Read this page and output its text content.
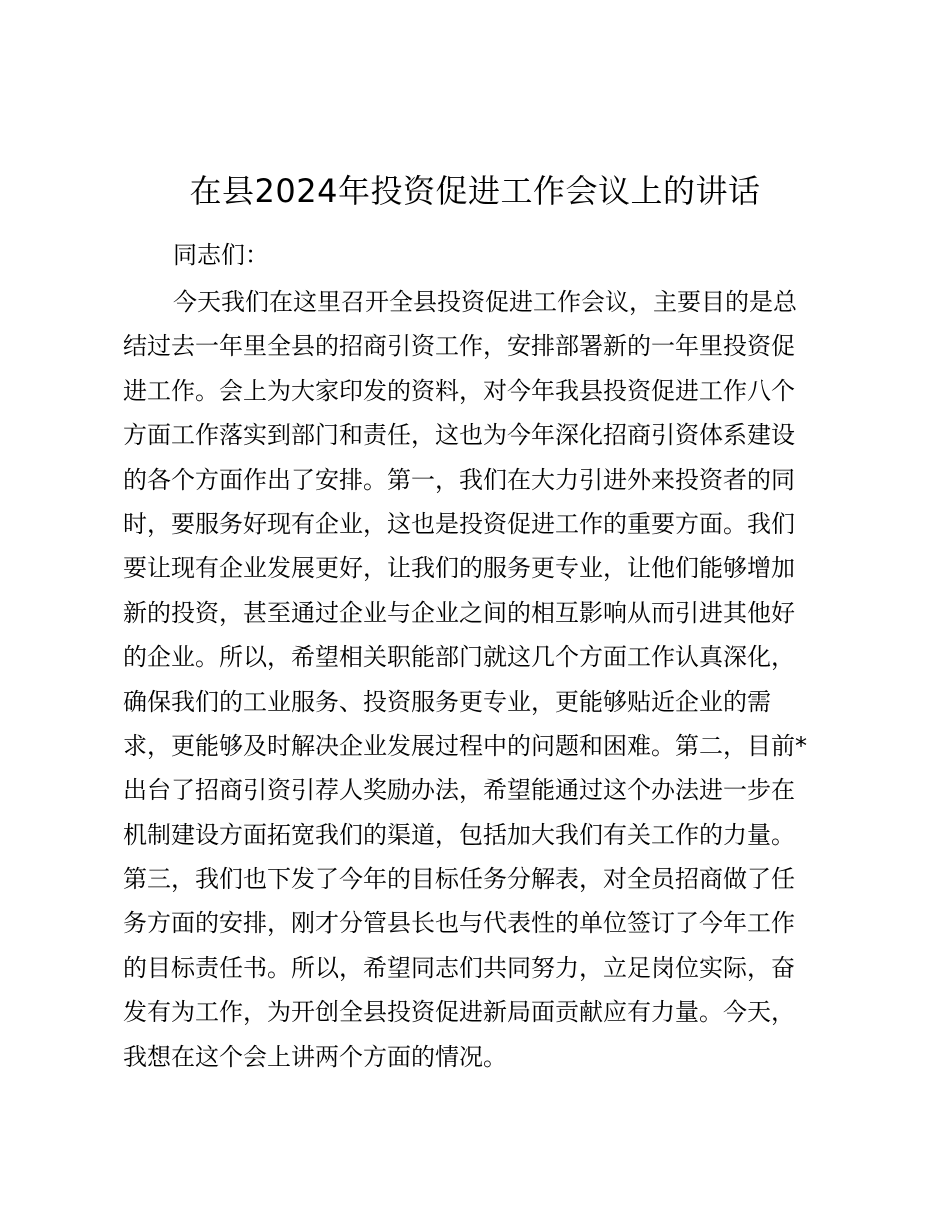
在县2024年投资促进工作会议上的讲话
同志们：
今天我们在这里召开全县投资促进工作会议，主要目的是总
结过去一年里全县的招商引资工作，安排部署新的一年里投资促
进工作。会上为大家印发的资料，对今年我县投资促进工作八个
方面工作落实到部门和责任，这也为今年深化招商引资体系建设
的各个方面作出了安排。第一，我们在大力引进外来投资者的同
时，要服务好现有企业，这也是投资促进工作的重要方面。我们
要让现有企业发展更好，让我们的服务更专业，让他们能够增加
新的投资，甚至通过企业与企业之间的相互影响从而引进其他好
的企业。所以，希望相关职能部门就这几个方面工作认真深化，
确保我们的工业服务、投资服务更专业，更能够贴近企业的需
求，更能够及时解决企业发展过程中的问题和困难。第二，目前*
出台了招商引资引荐人奖励办法，希望能通过这个办法进一步在
机制建设方面拓宽我们的渠道，包括加大我们有关工作的力量。
第三，我们也下发了今年的目标任务分解表，对全员招商做了任
务方面的安排，刚才分管县长也与代表性的单位签订了今年工作
的目标责任书。所以，希望同志们共同努力，立足岗位实际，奋
发有为工作，为开创全县投资促进新局面贡献应有力量。今天，
我想在这个会上讲两个方面的情况。
